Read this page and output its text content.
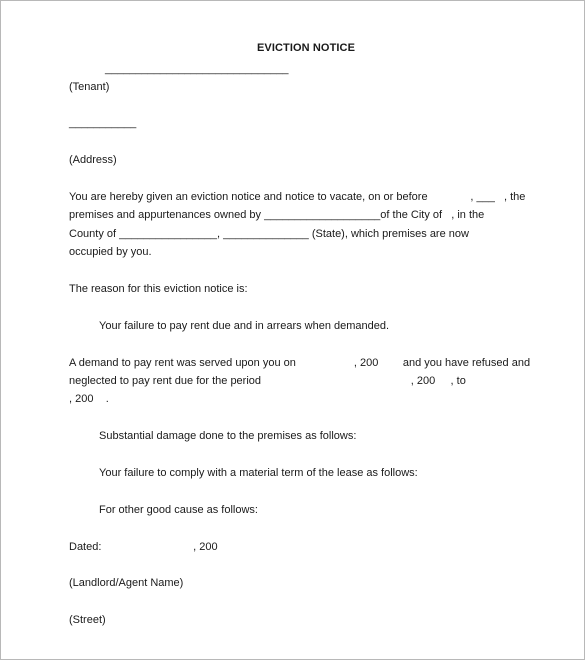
EVICTION NOTICE
______________________________
(Tenant)
___________
(Address)
You are hereby given an eviction notice and notice to vacate, on or before              , ___   , the
premises and appurtenances owned by ___________________of the City of   , in the
County of ________________, ______________ (State), which premises are now
occupied by you.
The reason for this eviction notice is:
Your failure to pay rent due and in arrears when demanded.
A demand to pay rent was served upon you on                   , 200        and you have refused and
neglected to pay rent due for the period                                                 , 200     , to
, 200    .
Substantial damage done to the premises as follows:
Your failure to comply with a material term of the lease as follows:
For other good cause as follows:
Dated:                              , 200
(Landlord/Agent Name)
(Street)
